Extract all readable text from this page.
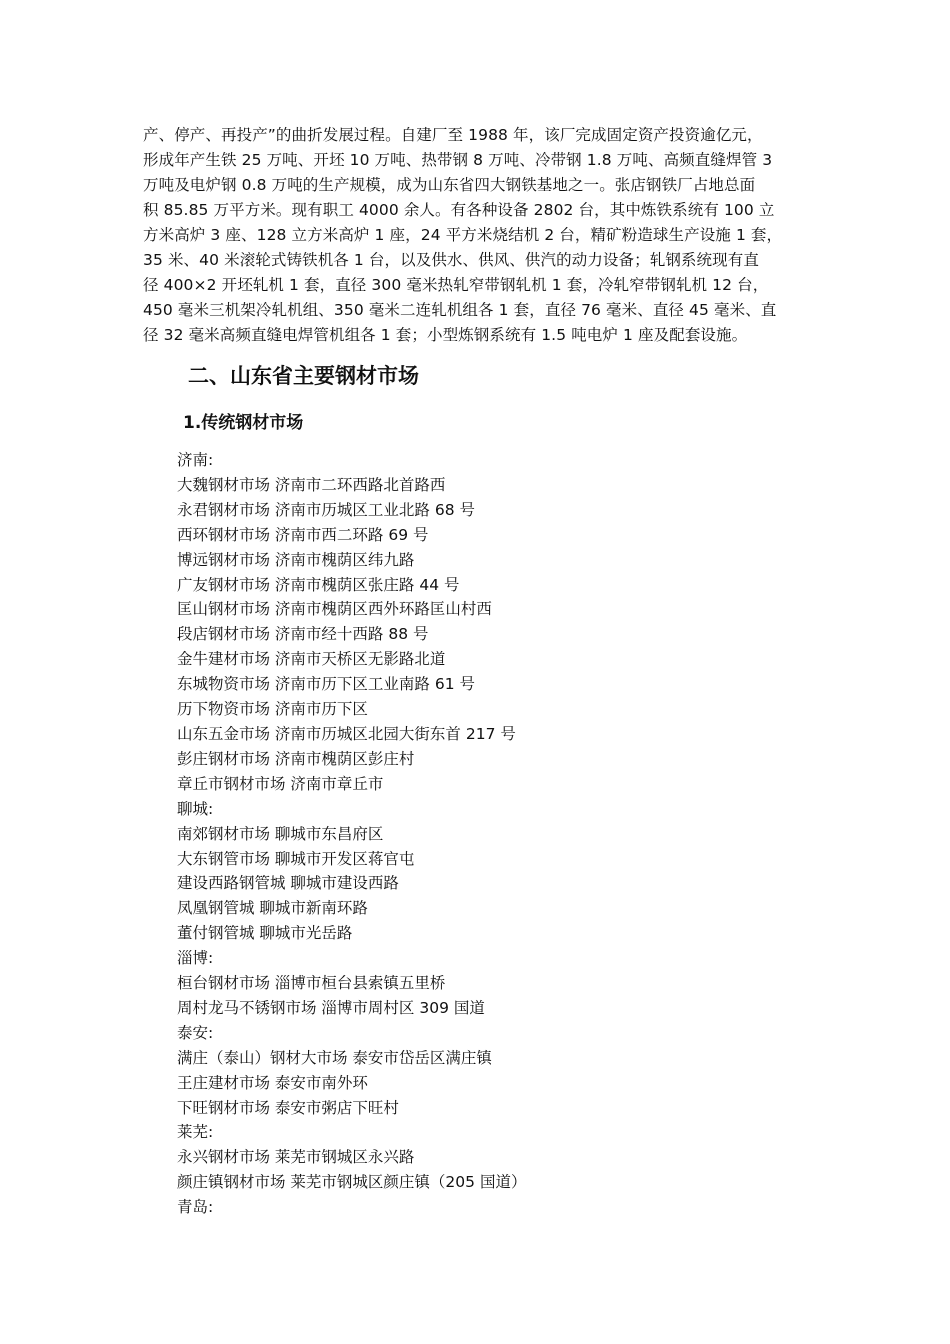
产、停产、再投产”的曲折发展过程。自建厂至 1988 年，该厂完成固定资产投资逾亿元，
形成年产生铁 25 万吨、开坯 10 万吨、热带钢 8 万吨、冷带钢 1.8 万吨、高频直缝焊管 3
万吨及电炉钢 0.8 万吨的生产规模，成为山东省四大钢铁基地之一。张店钢铁厂占地总面
积 85.85 万平方米。现有职工 4000 余人。有各种设备 2802 台，其中炼铁系统有 100 立
方米高炉 3 座、128 立方米高炉 1 座，24 平方米烧结机 2 台，精矿粉造球生产设施 1 套，
35 米、40 米滚轮式铸铁机各 1 台，以及供水、供风、供汽的动力设备；轧钢系统现有直
径 400×2 开坯轧机 1 套，直径 300 毫米热轧窄带钢轧机 1 套，冷轧窄带钢轧机 12 台，
450 毫米三机架冷轧机组、350 毫米二连轧机组各 1 套，直径 76 毫米、直径 45 毫米、直
径 32 毫米高频直缝电焊管机组各 1 套；小型炼钢系统有 1.5 吨电炉 1 座及配套设施。
二、山东省主要钢材市场
1.传统钢材市场
济南:
大魏钢材市场 济南市二环西路北首路西
永君钢材市场 济南市历城区工业北路 68 号
西环钢材市场 济南市西二环路 69 号
博远钢材市场 济南市槐荫区纬九路
广友钢材市场 济南市槐荫区张庄路 44 号
匡山钢材市场 济南市槐荫区西外环路匡山村西
段店钢材市场 济南市经十西路 88 号
金牛建材市场 济南市天桥区无影路北道
东城物资市场 济南市历下区工业南路 61 号
历下物资市场 济南市历下区
山东五金市场 济南市历城区北园大街东首 217 号
彭庄钢材市场 济南市槐荫区彭庄村
章丘市钢材市场 济南市章丘市
聊城:
南郊钢材市场 聊城市东昌府区
大东钢管市场 聊城市开发区蒋官屯
建设西路钢管城 聊城市建设西路
凤凰钢管城 聊城市新南环路
董付钢管城 聊城市光岳路
淄博:
桓台钢材市场 淄博市桓台县索镇五里桥
周村龙马不锈钢市场 淄博市周村区 309 国道
泰安:
满庄（泰山）钢材大市场 泰安市岱岳区满庄镇
王庄建材市场 泰安市南外环
下旺钢材市场 泰安市粥店下旺村
莱芜:
永兴钢材市场 莱芜市钢城区永兴路
颜庄镇钢材市场 莱芜市钢城区颜庄镇（205 国道）
青岛:
